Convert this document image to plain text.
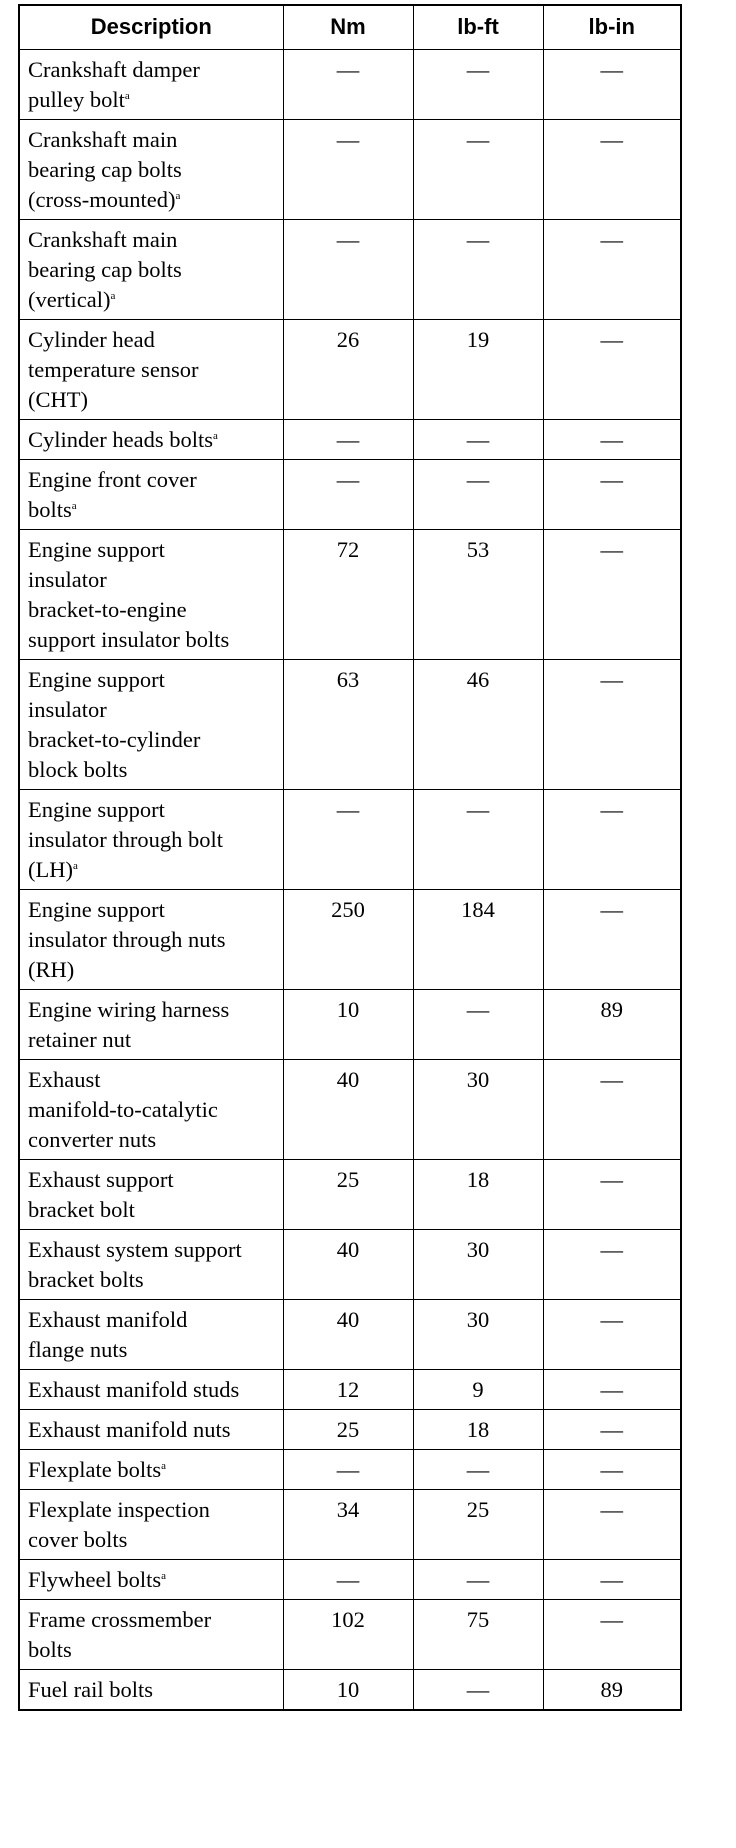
Description	Nm	lb-ft	lb-in
Crankshaft damper
pulley bolt$^a$	—	—	—
Crankshaft main
bearing cap bolts
(cross-mounted)$^a$	—	—	—
Crankshaft main
bearing cap bolts
(vertical)$^a$	—	—	—
Cylinder head
temperature sensor
(CHT)	26	19	—
Cylinder heads bolts$^a$	—	—	—
Engine front cover
bolts$^a$	—	—	—
Engine support
insulator
bracket-to-engine
support insulator bolts	72	53	—
Engine support
insulator
bracket-to-cylinder
block bolts	63	46	—
Engine support
insulator through bolt
(LH)$^a$	—	—	—
Engine support
insulator through nuts
(RH)	250	184	—
Engine wiring harness
retainer nut	10	—	89
Exhaust
manifold-to-catalytic
converter nuts	40	30	—
Exhaust support
bracket bolt	25	18	—
Exhaust system support
bracket bolts	40	30	—
Exhaust manifold
flange nuts	40	30	—
Exhaust manifold studs	12	9	—
Exhaust manifold nuts	25	18	—
Flexplate bolts$^a$	—	—	—
Flexplate inspection
cover bolts	34	25	—
Flywheel bolts$^a$	—	—	—
Frame crossmember
bolts	102	75	—
Fuel rail bolts	10	—	89
